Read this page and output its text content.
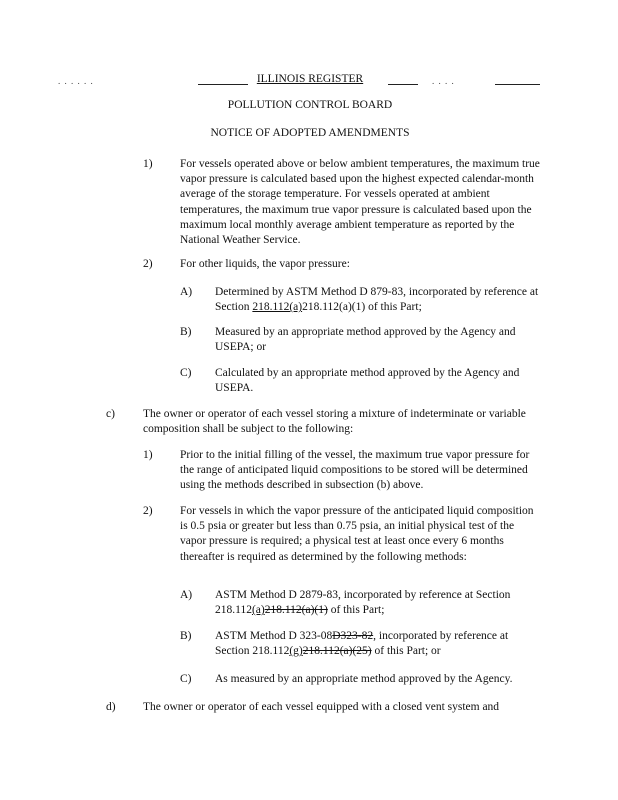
. . . . . .	ILLINOIS REGISTER	. . . .
POLLUTION CONTROL BOARD
NOTICE OF ADOPTED AMENDMENTS
1) For vessels operated above or below ambient temperatures, the maximum true vapor pressure is calculated based upon the highest expected calendar-month average of the storage temperature. For vessels operated at ambient temperatures, the maximum true vapor pressure is calculated based upon the maximum local monthly average ambient temperature as reported by the National Weather Service.
2) For other liquids, the vapor pressure:
A) Determined by ASTM Method D 879-83, incorporated by reference at Section 218.112(a)218.112(a)(1) of this Part;
B) Measured by an appropriate method approved by the Agency and USEPA; or
C) Calculated by an appropriate method approved by the Agency and USEPA.
c) The owner or operator of each vessel storing a mixture of indeterminate or variable composition shall be subject to the following:
1) Prior to the initial filling of the vessel, the maximum true vapor pressure for the range of anticipated liquid compositions to be stored will be determined using the methods described in subsection (b) above.
2) For vessels in which the vapor pressure of the anticipated liquid composition is 0.5 psia or greater but less than 0.75 psia, an initial physical test of the vapor pressure is required; a physical test at least once every 6 months thereafter is required as determined by the following methods:
A) ASTM Method D 2879-83, incorporated by reference at Section
218.112(a)218.112(a)(1) of this Part;
B) ASTM Method D 323-08D323-82, incorporated by reference at
Section 218.112(g)218.112(a)(25) of this Part; or
C) As measured by an appropriate method approved by the Agency.
d) The owner or operator of each vessel equipped with a closed vent system and
